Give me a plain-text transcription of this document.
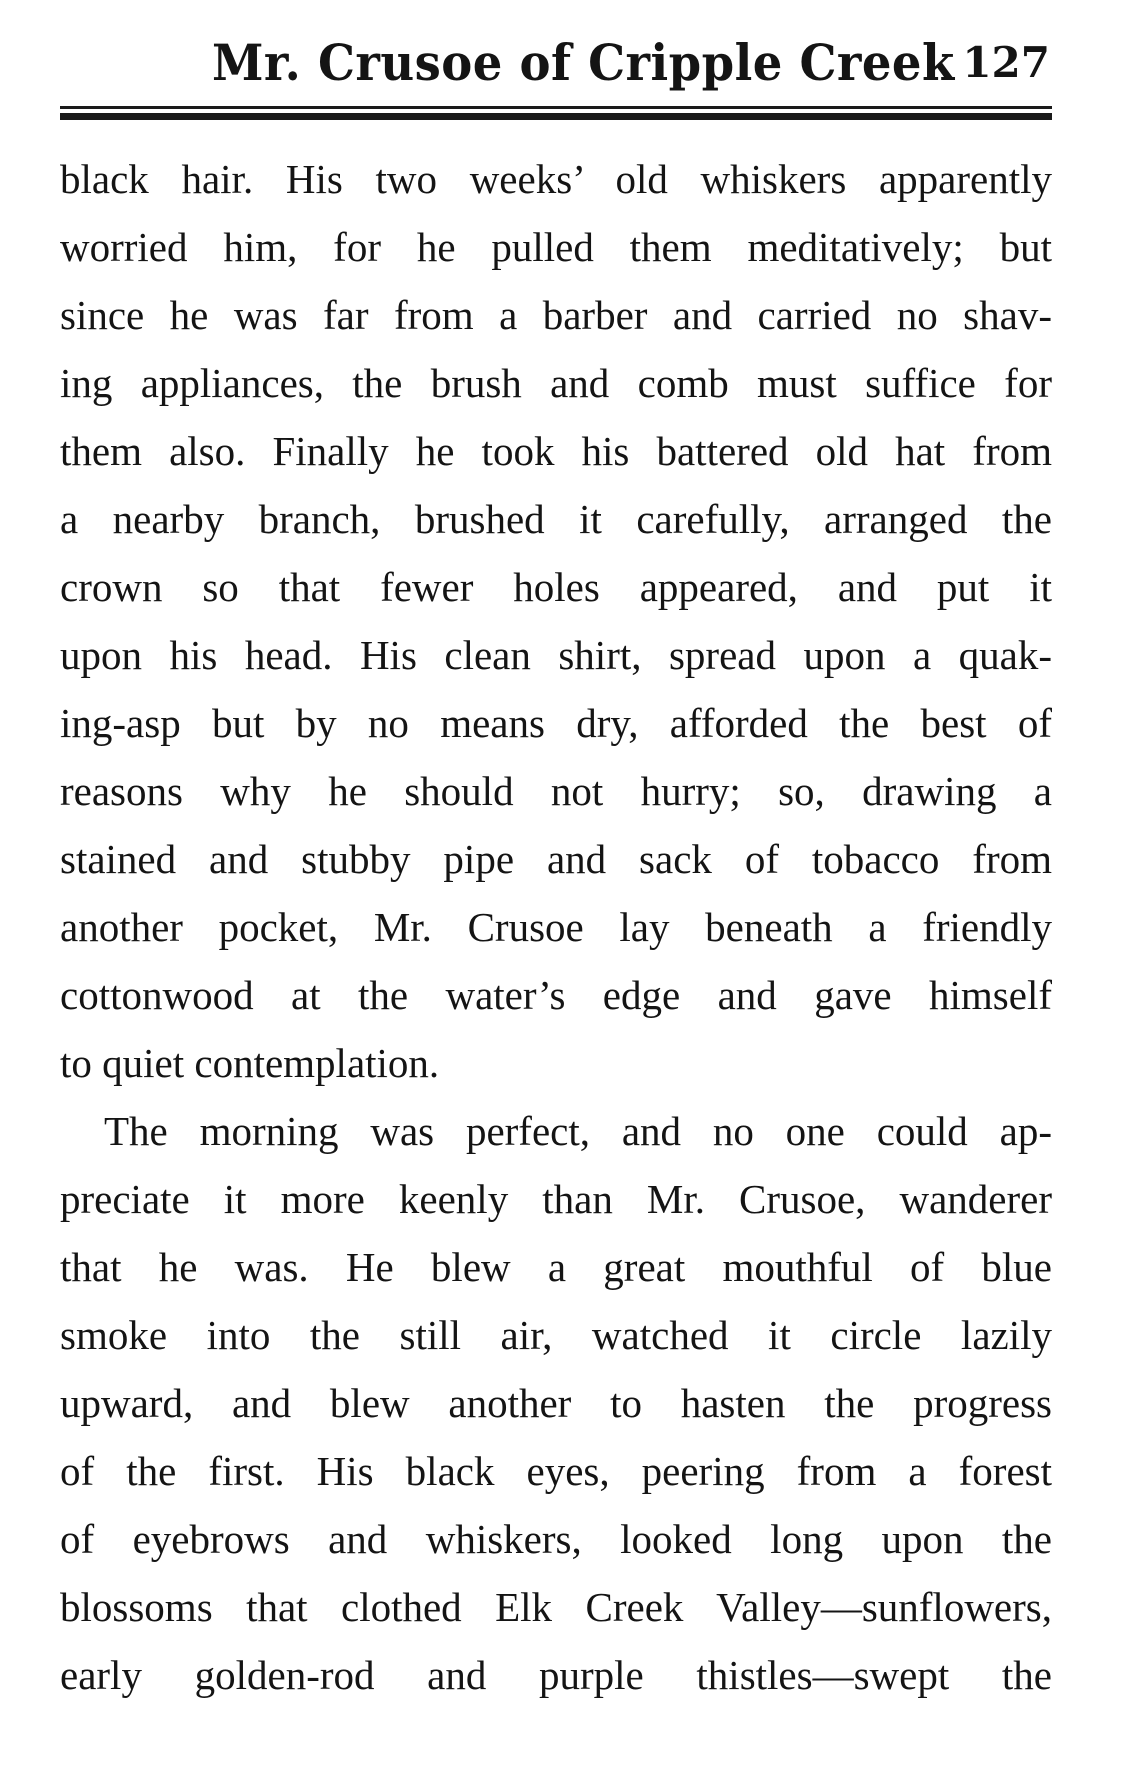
Mr. Crusoe of Cripple Creek 127
black hair. His two weeks’ old whiskers apparently
worried him, for he pulled them meditatively; but
since he was far from a barber and carried no shav-
ing appliances, the brush and comb must suffice for
them also. Finally he took his battered old hat from
a nearby branch, brushed it carefully, arranged the
crown so that fewer holes appeared, and put it
upon his head. His clean shirt, spread upon a quak-
ing-asp but by no means dry, afforded the best of
reasons why he should not hurry; so, drawing a
stained and stubby pipe and sack of tobacco from
another pocket, Mr. Crusoe lay beneath a friendly
cottonwood at the water’s edge and gave himself
to quiet contemplation.
The morning was perfect, and no one could ap-
preciate it more keenly than Mr. Crusoe, wanderer
that he was. He blew a great mouthful of blue
smoke into the still air, watched it circle lazily
upward, and blew another to hasten the progress
of the first. His black eyes, peering from a forest
of eyebrows and whiskers, looked long upon the
blossoms that clothed Elk Creek Valley—sunflowers,
early golden-rod and purple thistles—swept the
